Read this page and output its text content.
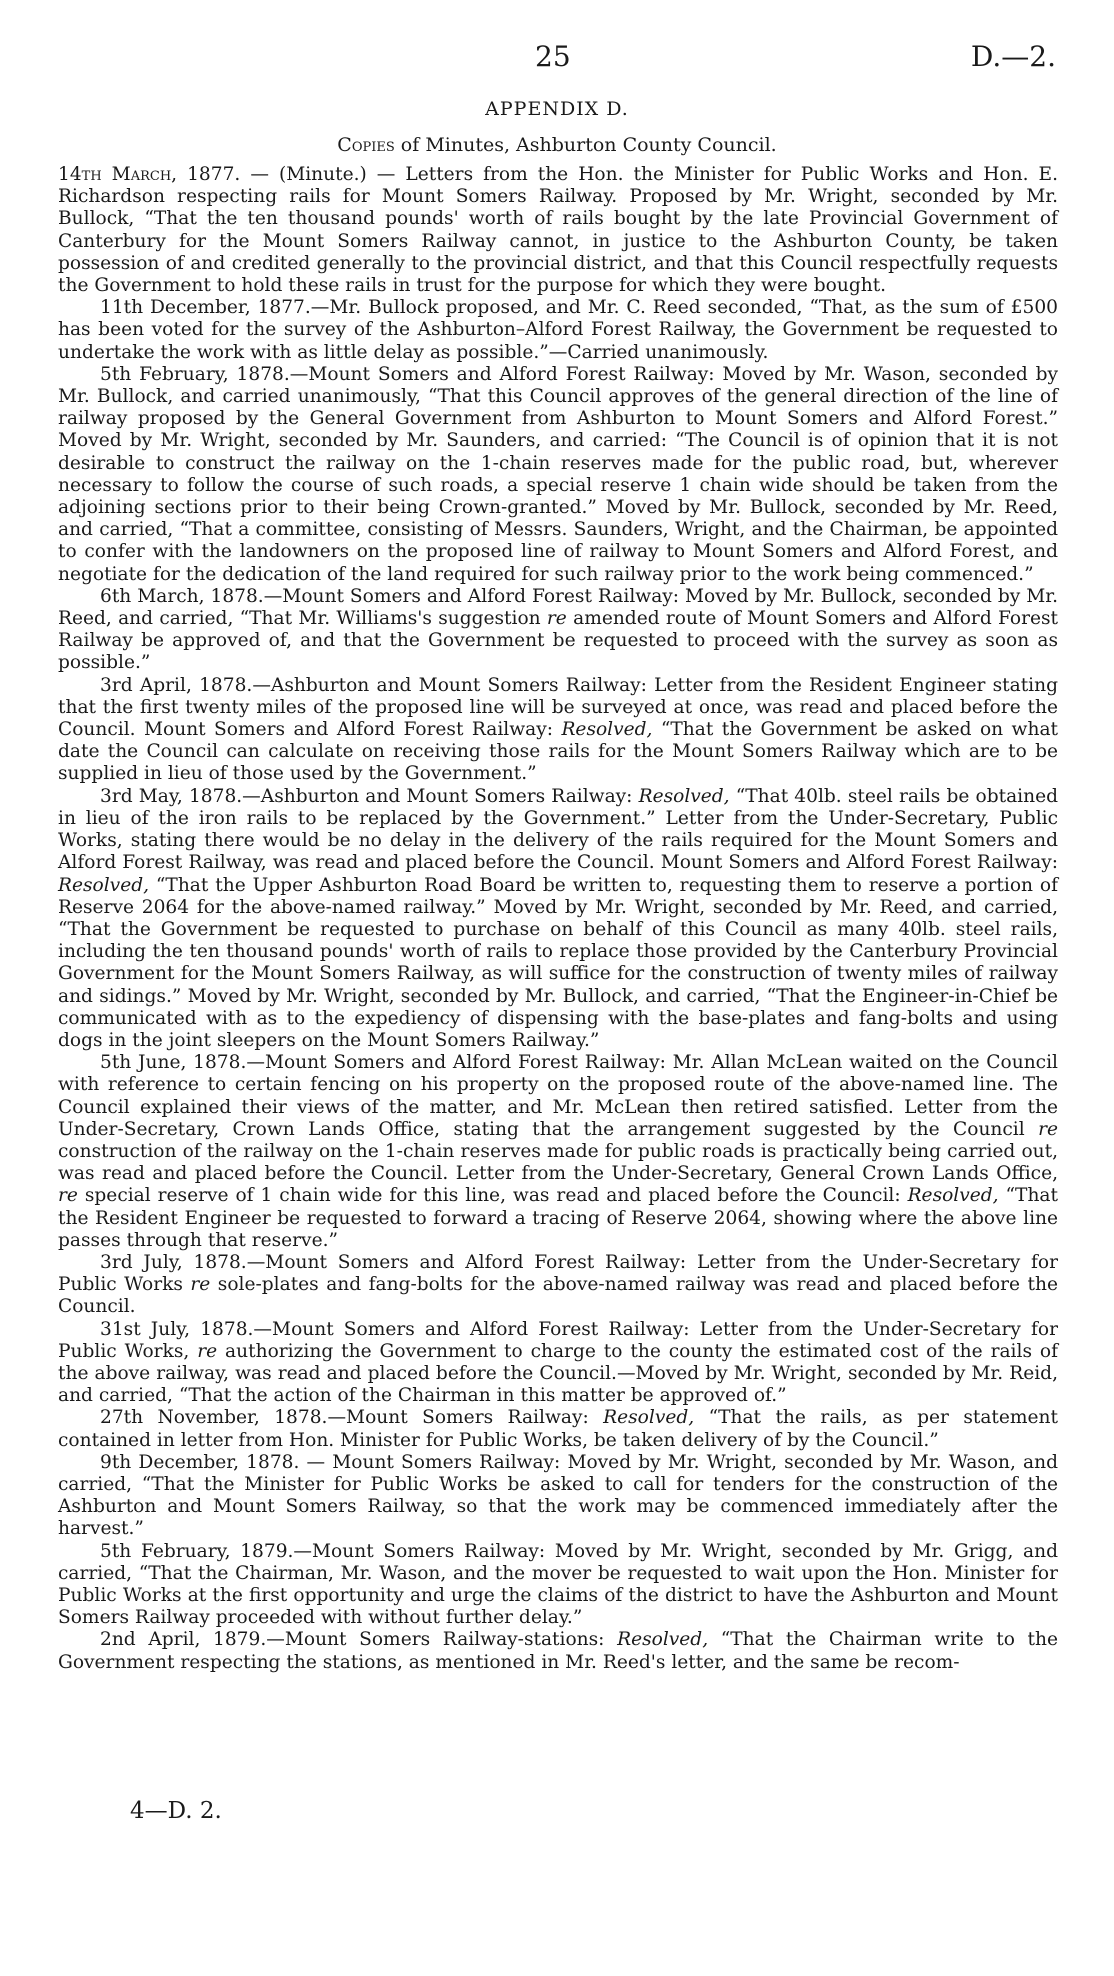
25	D.—2.
APPENDIX D.
Copies of Minutes, Ashburton County Council.

14th March, 1877. — (Minute.) — Letters from the Hon. the Minister for Public Works and Hon. E. Richardson respecting rails for Mount Somers Railway. Proposed by Mr. Wright, seconded by Mr. Bullock, “That the ten thousand pounds' worth of rails bought by the late Provincial Government of Canterbury for the Mount Somers Railway cannot, in justice to the Ashburton County, be taken possession of and credited generally to the provincial district, and that this Council respectfully requests the Government to hold these rails in trust for the purpose for which they were bought.

11th December, 1877.—Mr. Bullock proposed, and Mr. C. Reed seconded, “That, as the sum of £500 has been voted for the survey of the Ashburton–Alford Forest Railway, the Government be requested to undertake the work with as little delay as possible.”—Carried unanimously.

5th February, 1878.—Mount Somers and Alford Forest Railway: Moved by Mr. Wason, seconded by Mr. Bullock, and carried unanimously, “That this Council approves of the general direction of the line of railway proposed by the General Government from Ashburton to Mount Somers and Alford Forest.” Moved by Mr. Wright, seconded by Mr. Saunders, and carried: “The Council is of opinion that it is not desirable to construct the railway on the 1-chain reserves made for the public road, but, wherever necessary to follow the course of such roads, a special reserve 1 chain wide should be taken from the adjoining sections prior to their being Crown-granted.” Moved by Mr. Bullock, seconded by Mr. Reed, and carried, “That a committee, consisting of Messrs. Saunders, Wright, and the Chairman, be appointed to confer with the landowners on the proposed line of railway to Mount Somers and Alford Forest, and negotiate for the dedication of the land required for such railway prior to the work being commenced.”

6th March, 1878.—Mount Somers and Alford Forest Railway: Moved by Mr. Bullock, seconded by Mr. Reed, and carried, “That Mr. Williams's suggestion re amended route of Mount Somers and Alford Forest Railway be approved of, and that the Government be requested to proceed with the survey as soon as possible.”

3rd April, 1878.—Ashburton and Mount Somers Railway: Letter from the Resident Engineer stating that the first twenty miles of the proposed line will be surveyed at once, was read and placed before the Council. Mount Somers and Alford Forest Railway: Resolved, “That the Government be asked on what date the Council can calculate on receiving those rails for the Mount Somers Railway which are to be supplied in lieu of those used by the Government.”

3rd May, 1878.—Ashburton and Mount Somers Railway: Resolved, “That 40lb. steel rails be obtained in lieu of the iron rails to be replaced by the Government.” Letter from the Under-Secretary, Public Works, stating there would be no delay in the delivery of the rails required for the Mount Somers and Alford Forest Railway, was read and placed before the Council. Mount Somers and Alford Forest Railway: Resolved, “That the Upper Ashburton Road Board be written to, requesting them to reserve a portion of Reserve 2064 for the above-named railway.” Moved by Mr. Wright, seconded by Mr. Reed, and carried, “That the Government be requested to purchase on behalf of this Council as many 40lb. steel rails, including the ten thousand pounds' worth of rails to replace those provided by the Canterbury Provincial Government for the Mount Somers Railway, as will suffice for the construction of twenty miles of railway and sidings.” Moved by Mr. Wright, seconded by Mr. Bullock, and carried, “That the Engineer-in-Chief be communicated with as to the expediency of dispensing with the base-plates and fang-bolts and using dogs in the joint sleepers on the Mount Somers Railway.”

5th June, 1878.—Mount Somers and Alford Forest Railway: Mr. Allan McLean waited on the Council with reference to certain fencing on his property on the proposed route of the above-named line. The Council explained their views of the matter, and Mr. McLean then retired satisfied. Letter from the Under-Secretary, Crown Lands Office, stating that the arrangement suggested by the Council re construction of the railway on the 1-chain reserves made for public roads is practically being carried out, was read and placed before the Council. Letter from the Under-Secretary, General Crown Lands Office, re special reserve of 1 chain wide for this line, was read and placed before the Council: Resolved, “That the Resident Engineer be requested to forward a tracing of Reserve 2064, showing where the above line passes through that reserve.”

3rd July, 1878.—Mount Somers and Alford Forest Railway: Letter from the Under-Secretary for Public Works re sole-plates and fang-bolts for the above-named railway was read and placed before the Council.

31st July, 1878.—Mount Somers and Alford Forest Railway: Letter from the Under-Secretary for Public Works, re authorizing the Government to charge to the county the estimated cost of the rails of the above railway, was read and placed before the Council.—Moved by Mr. Wright, seconded by Mr. Reid, and carried, “That the action of the Chairman in this matter be approved of.”

27th November, 1878.—Mount Somers Railway: Resolved, “That the rails, as per statement contained in letter from Hon. Minister for Public Works, be taken delivery of by the Council.”

9th December, 1878. — Mount Somers Railway: Moved by Mr. Wright, seconded by Mr. Wason, and carried, “That the Minister for Public Works be asked to call for tenders for the construction of the Ashburton and Mount Somers Railway, so that the work may be commenced immediately after the harvest.”

5th February, 1879.—Mount Somers Railway: Moved by Mr. Wright, seconded by Mr. Grigg, and carried, “That the Chairman, Mr. Wason, and the mover be requested to wait upon the Hon. Minister for Public Works at the first opportunity and urge the claims of the district to have the Ashburton and Mount Somers Railway proceeded with without further delay.”

2nd April, 1879.—Mount Somers Railway-stations: Resolved, “That the Chairman write to the Government respecting the stations, as mentioned in Mr. Reed's letter, and the same be recom-

4—D. 2.
